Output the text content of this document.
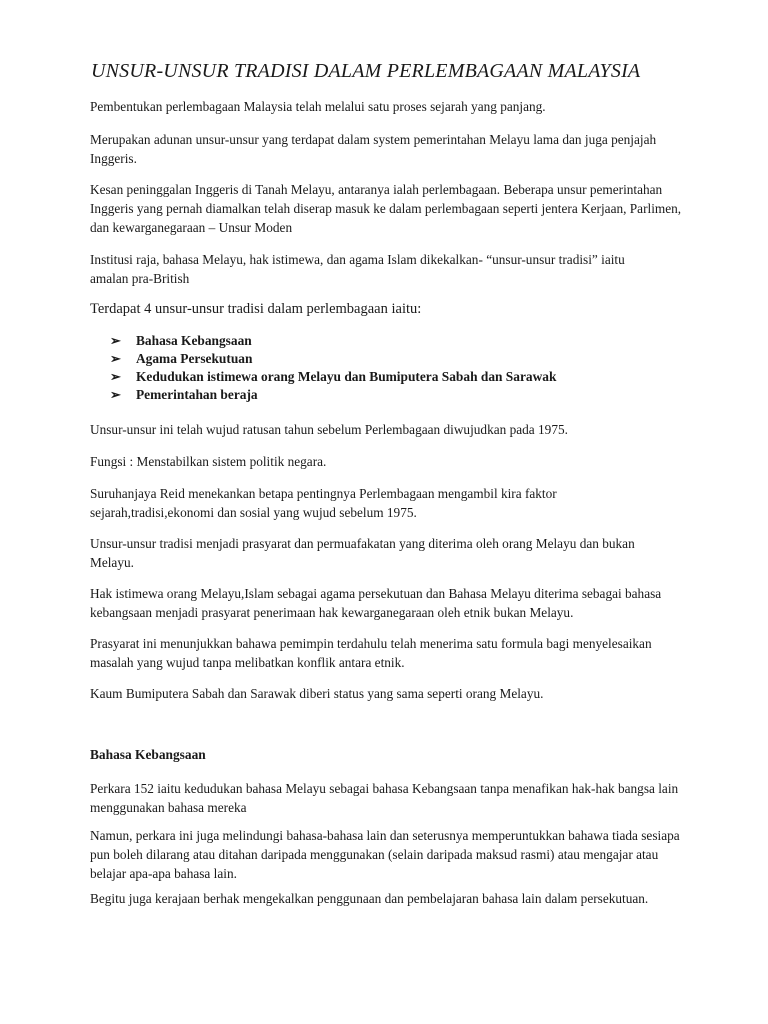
UNSUR-UNSUR TRADISI DALAM PERLEMBAGAAN MALAYSIA

Pembentukan perlembagaan Malaysia telah melalui satu proses sejarah yang panjang.

Merupakan adunan unsur-unsur yang terdapat dalam system pemerintahan Melayu lama dan juga penjajah Inggeris.

Kesan peninggalan Inggeris di Tanah Melayu, antaranya ialah perlembagaan. Beberapa unsur pemerintahan Inggeris yang pernah diamalkan telah diserap masuk ke dalam perlembagaan seperti jentera Kerjaan, Parlimen, dan kewarganegaraan – Unsur Moden

Institusi raja, bahasa Melayu, hak istimewa, dan agama Islam dikekalkan- “unsur-unsur tradisi” iaitu amalan pra-British

Terdapat 4 unsur-unsur tradisi dalam perlembagaan iaitu:

➢	Bahasa Kebangsaan
➢	Agama Persekutuan
➢	Kedudukan istimewa orang Melayu dan Bumiputera Sabah dan Sarawak
➢	Pemerintahan beraja

Unsur-unsur ini telah wujud ratusan tahun sebelum Perlembagaan diwujudkan pada 1975.

Fungsi : Menstabilkan sistem politik negara.

Suruhanjaya Reid menekankan betapa pentingnya Perlembagaan mengambil kira faktor sejarah,tradisi,ekonomi dan sosial yang wujud sebelum 1975.

Unsur-unsur tradisi menjadi prasyarat dan permuafakatan yang diterima oleh orang Melayu dan bukan Melayu.

Hak istimewa orang Melayu,Islam sebagai agama persekutuan dan Bahasa Melayu diterima sebagai bahasa kebangsaan menjadi prasyarat penerimaan hak kewarganegaraan oleh etnik bukan Melayu.

Prasyarat ini menunjukkan bahawa pemimpin terdahulu telah menerima satu formula bagi menyelesaikan masalah yang wujud tanpa melibatkan konflik antara etnik.

Kaum Bumiputera Sabah dan Sarawak diberi status yang sama seperti orang Melayu.

Bahasa Kebangsaan

Perkara 152 iaitu kedudukan bahasa Melayu sebagai bahasa Kebangsaan tanpa menafikan hak-hak bangsa lain menggunakan bahasa mereka

Namun, perkara ini juga melindungi bahasa-bahasa lain dan seterusnya memperuntukkan bahawa tiada sesiapa pun boleh dilarang atau ditahan daripada menggunakan (selain daripada maksud rasmi) atau mengajar atau belajar apa-apa bahasa lain.

Begitu juga kerajaan berhak mengekalkan penggunaan dan pembelajaran bahasa lain dalam persekutuan.
